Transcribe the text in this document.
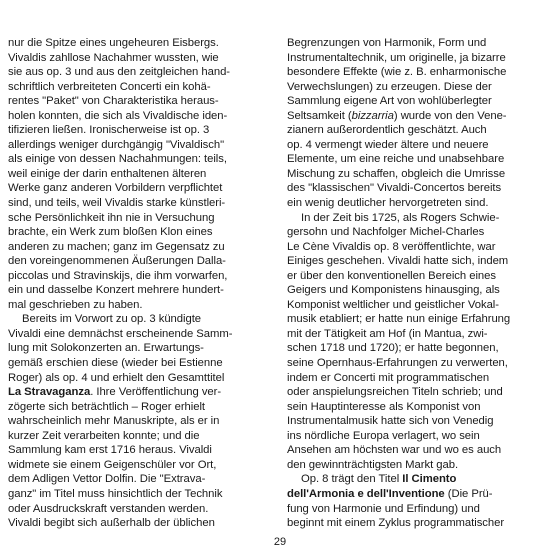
nur die Spitze eines ungeheuren Eisbergs.
Vivaldis zahllose Nachahmer wussten, wie
sie aus op. 3 und aus den zeitgleichen hand-
schriftlich verbreiteten Concerti ein kohä-
rentes "Paket" von Charakteristika heraus-
holen konnten, die sich als Vivaldische iden-
tifizieren ließen. Ironischerweise ist op. 3
allerdings weniger durchgängig "Vivaldisch"
als einige von dessen Nachahmungen: teils,
weil einige der darin enthaltenen älteren
Werke ganz anderen Vorbildern verpflichtet
sind, und teils, weil Vivaldis starke künstleri-
sche Persönlichkeit ihn nie in Versuchung
brachte, ein Werk zum bloßen Klon eines
anderen zu machen; ganz im Gegensatz zu
den voreingenommenen Äußerungen Dalla-
piccolas und Stravinskijs, die ihm vorwarfen,
ein und dasselbe Konzert mehrere hundert-
mal geschrieben zu haben.
Bereits im Vorwort zu op. 3 kündigte
Vivaldi eine demnächst erscheinende Samm-
lung mit Solokonzerten an. Erwartungs-
gemäß erschien diese (wieder bei Estienne
Roger) als op. 4 und erhielt den Gesamttitel
La Stravaganza. Ihre Veröffentlichung ver-
zögerte sich beträchtlich – Roger erhielt
wahrscheinlich mehr Manuskripte, als er in
kurzer Zeit verarbeiten konnte; und die
Sammlung kam erst 1716 heraus. Vivaldi
widmete sie einem Geigenschüler vor Ort,
dem Adligen Vettor Dolfin. Die "Extrava-
ganz" im Titel muss hinsichtlich der Technik
oder Ausdruckskraft verstanden werden.
Vivaldi begibt sich außerhalb der üblichen
Begrenzungen von Harmonik, Form und
Instrumentaltechnik, um originelle, ja bizarre
besondere Effekte (wie z. B. enharmonische
Verwechslungen) zu erzeugen. Diese der
Sammlung eigene Art von wohlüberlegter
Seltsamkeit (bizzarria) wurde von den Vene-
zianern außerordentlich geschätzt. Auch
op. 4 vermengt wieder ältere und neuere
Elemente, um eine reiche und unabsehbare
Mischung zu schaffen, obgleich die Umrisse
des "klassischen" Vivaldi-Concertos bereits
ein wenig deutlicher hervorgetreten sind.
In der Zeit bis 1725, als Rogers Schwie-
gersohn und Nachfolger Michel-Charles
Le Cène Vivaldis op. 8 veröffentlichte, war
Einiges geschehen. Vivaldi hatte sich, indem
er über den konventionellen Bereich eines
Geigers und Komponistens hinausging, als
Komponist weltlicher und geistlicher Vokal-
musik etabliert; er hatte nun einige Erfahrung
mit der Tätigkeit am Hof (in Mantua, zwi-
schen 1718 und 1720); er hatte begonnen,
seine Opernhaus-Erfahrungen zu verwerten,
indem er Concerti mit programmatischen
oder anspielungsreichen Titeln schrieb; und
sein Hauptinteresse als Komponist von
Instrumentalmusik hatte sich von Venedig
ins nördliche Europa verlagert, wo sein
Ansehen am höchsten war und wo es auch
den gewinnträchtigsten Markt gab.
Op. 8 trägt den Titel Il Cimento
dell'Armonia e dell'Inventione (Die Prü-
fung von Harmonie und Erfindung) und
beginnt mit einem Zyklus programmatischer
29
